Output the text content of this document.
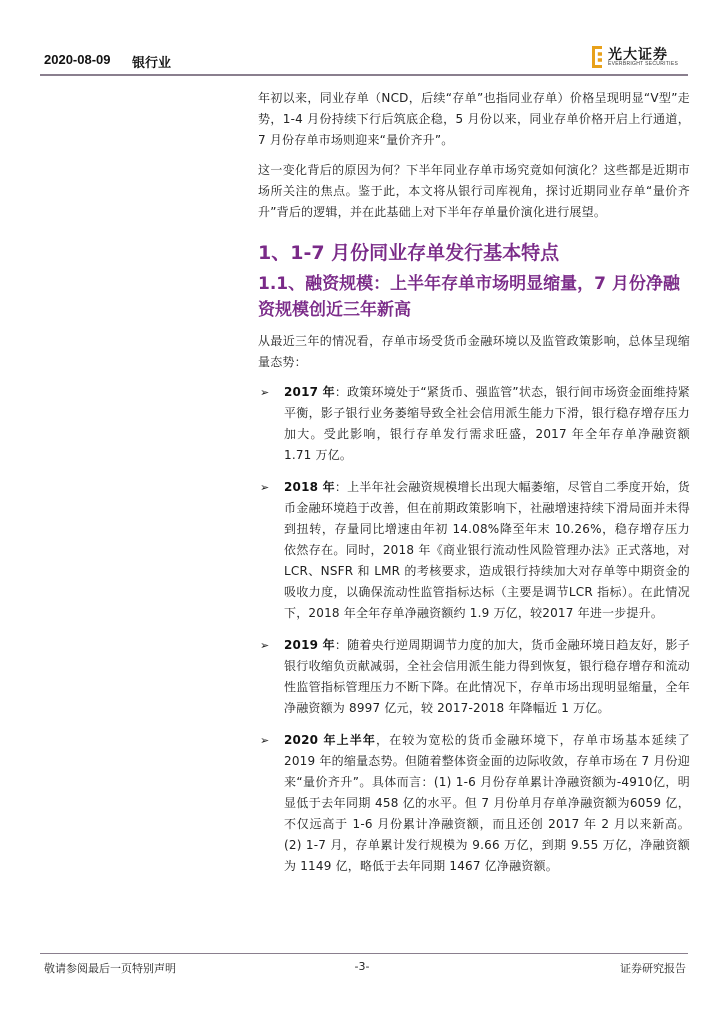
2020-08-09 银行业
光大证券
EVERBRIGHT SECURITIES

年初以来，同业存单（NCD，后续“存单”也指同业存单）价格呈现明显“V型”走势，1-4 月份持续下行后筑底企稳，5 月份以来，同业存单价格开启上行通道，7 月份存单市场则迎来“量价齐升”。

这一变化背后的原因为何？下半年同业存单市场究竟如何演化？这些都是近期市场所关注的焦点。鉴于此，本文将从银行司库视角，探讨近期同业存单“量价齐升”背后的逻辑，并在此基础上对下半年存单量价演化进行展望。

1、1-7 月份同业存单发行基本特点
1.1、融资规模：上半年存单市场明显缩量，7 月份净融资规模创近三年新高

从最近三年的情况看，存单市场受货币金融环境以及监管政策影响，总体呈现缩量态势：

➢ 2017 年：政策环境处于“紧货币、强监管”状态，银行间市场资金面维持紧平衡，影子银行业务萎缩导致全社会信用派生能力下滑，银行稳存增存压力加大。受此影响，银行存单发行需求旺盛，2017 年全年存单净融资额 1.71 万亿。
➢ 2018 年：上半年社会融资规模增长出现大幅萎缩，尽管自二季度开始，货币金融环境趋于改善，但在前期政策影响下，社融增速持续下滑局面并未得到扭转，存量同比增速由年初 14.08%降至年末 10.26%，稳存增存压力依然存在。同时，2018 年《商业银行流动性风险管理办法》正式落地，对 LCR、NSFR 和 LMR 的考核要求，造成银行持续加大对存单等中期资金的吸收力度，以确保流动性监管指标达标（主要是调节LCR 指标）。在此情况下，2018 年全年存单净融资额约 1.9 万亿，较2017 年进一步提升。
➢ 2019 年：随着央行逆周期调节力度的加大，货币金融环境日趋友好，影子银行收缩负贡献减弱，全社会信用派生能力得到恢复，银行稳存增存和流动性监管指标管理压力不断下降。在此情况下，存单市场出现明显缩量，全年净融资额为 8997 亿元，较 2017-2018 年降幅近 1 万亿。
➢ 2020 年上半年，在较为宽松的货币金融环境下，存单市场基本延续了2019 年的缩量态势。但随着整体资金面的边际收敛，存单市场在 7 月份迎来“量价齐升”。具体而言：(1) 1-6 月份存单累计净融资额为-4910亿，明显低于去年同期 458 亿的水平。但 7 月份单月存单净融资额为6059 亿，不仅远高于 1-6 月份累计净融资额，而且还创 2017 年 2 月以来新高。(2) 1-7 月，存单累计发行规模为 9.66 万亿，到期 9.55 万亿，净融资额为 1149 亿，略低于去年同期 1467 亿净融资额。
敬请参阅最后一页特别声明	-3-	证券研究报告
